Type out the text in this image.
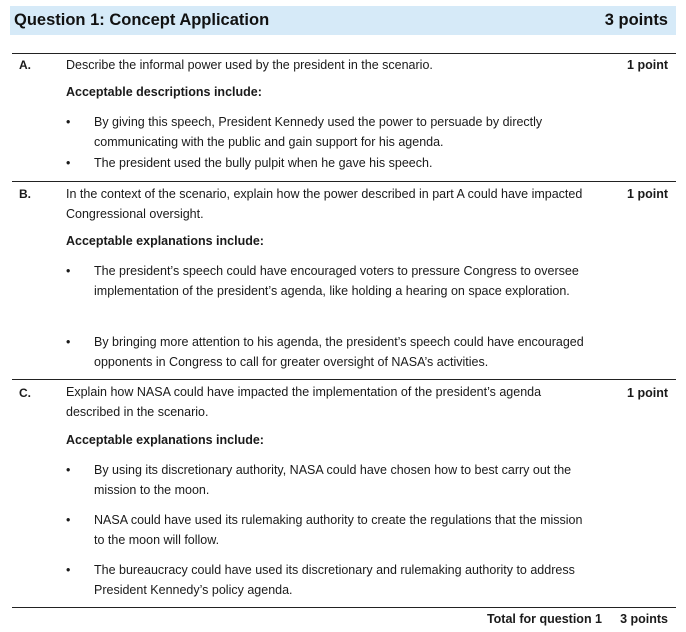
Question 1: Concept Application	3 points
A.	1 point
Describe the informal power used by the president in the scenario.
Acceptable descriptions include:
• By giving this speech, President Kennedy used the power to persuade by directly communicating with the public and gain support for his agenda.
• The president used the bully pulpit when he gave his speech.
B.	1 point
In the context of the scenario, explain how the power described in part A could have impacted Congressional oversight.
Acceptable explanations include:
• The president’s speech could have encouraged voters to pressure Congress to oversee implementation of the president’s agenda, like holding a hearing on space exploration.
• By bringing more attention to his agenda, the president’s speech could have encouraged opponents in Congress to call for greater oversight of NASA’s activities.
C.	1 point
Explain how NASA could have impacted the implementation of the president’s agenda described in the scenario.
Acceptable explanations include:
• By using its discretionary authority, NASA could have chosen how to best carry out the mission to the moon.
• NASA could have used its rulemaking authority to create the regulations that the mission to the moon will follow.
• The bureaucracy could have used its discretionary and rulemaking authority to address President Kennedy’s policy agenda.
Total for question 1 3 points
